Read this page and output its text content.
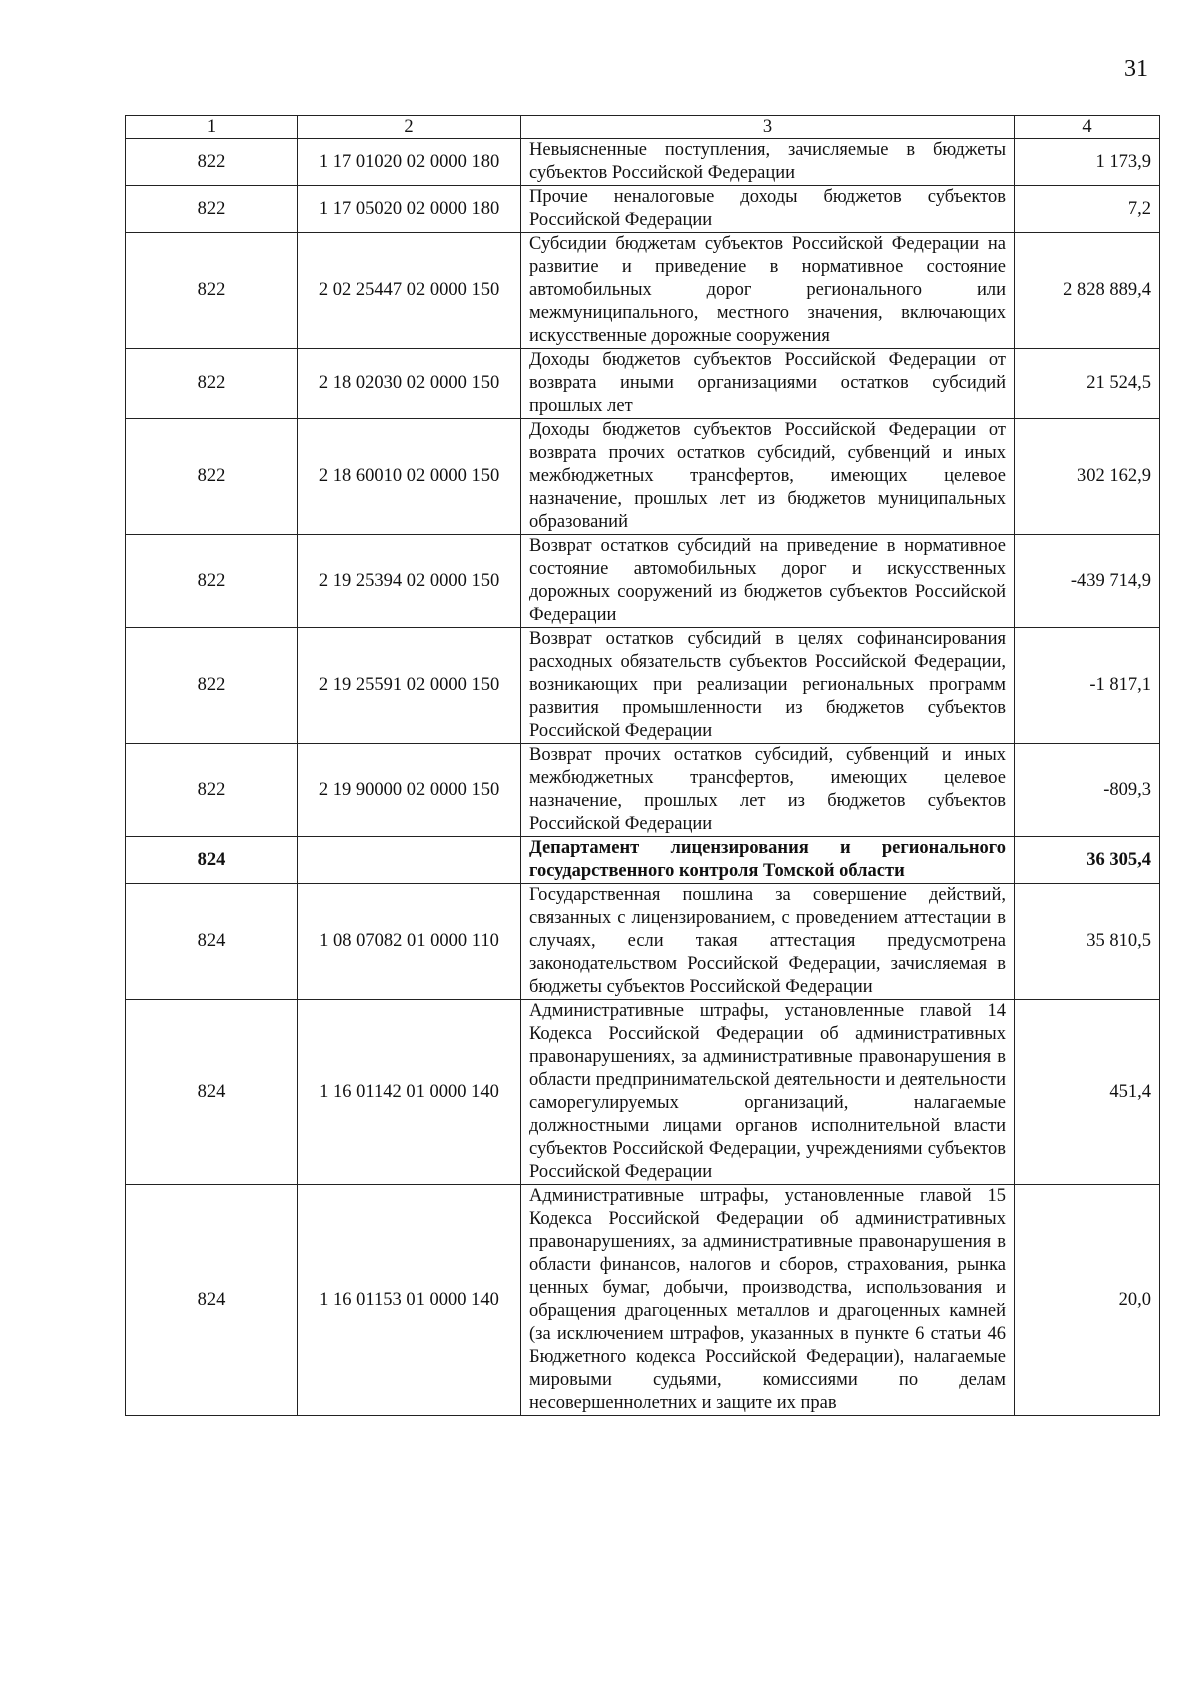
31
1	2	3	4
822	1 17 01020 02 0000 180	Невыясненные поступления, зачисляемые в бюджеты субъектов Российской Федерации	1 173,9
822	1 17 05020 02 0000 180	Прочие неналоговые доходы бюджетов субъектов Российской Федерации	7,2
822	2 02 25447 02 0000 150	Субсидии бюджетам субъектов Российской Федерации на развитие и приведение в нормативное состояние автомобильных дорог регионального или межмуниципального, местного значения, включающих искусственные дорожные сооружения	2 828 889,4
822	2 18 02030 02 0000 150	Доходы бюджетов субъектов Российской Федерации от возврата иными организациями остатков субсидий прошлых лет	21 524,5
822	2 18 60010 02 0000 150	Доходы бюджетов субъектов Российской Федерации от возврата прочих остатков субсидий, субвенций и иных межбюджетных трансфертов, имеющих целевое назначение, прошлых лет из бюджетов муниципальных образований	302 162,9
822	2 19 25394 02 0000 150	Возврат остатков субсидий на приведение в нормативное состояние автомобильных дорог и искусственных дорожных сооружений из бюджетов субъектов Российской Федерации	-439 714,9
822	2 19 25591 02 0000 150	Возврат остатков субсидий в целях софинансирования расходных обязательств субъектов Российской Федерации, возникающих при реализации региональных программ развития промышленности из бюджетов субъектов Российской Федерации	-1 817,1
822	2 19 90000 02 0000 150	Возврат прочих остатков субсидий, субвенций и иных межбюджетных трансфертов, имеющих целевое назначение, прошлых лет из бюджетов субъектов Российской Федерации	-809,3
824		Департамент лицензирования и регионального государственного контроля Томской области	36 305,4
824	1 08 07082 01 0000 110	Государственная пошлина за совершение действий, связанных с лицензированием, с проведением аттестации в случаях, если такая аттестация предусмотрена законодательством Российской Федерации, зачисляемая в бюджеты субъектов Российской Федерации	35 810,5
824	1 16 01142 01 0000 140	Административные штрафы, установленные главой 14 Кодекса Российской Федерации об административных правонарушениях, за административные правонарушения в области предпринимательской деятельности и деятельности саморегулируемых организаций, налагаемые должностными лицами органов исполнительной власти субъектов Российской Федерации, учреждениями субъектов Российской Федерации	451,4
824	1 16 01153 01 0000 140	Административные штрафы, установленные главой 15 Кодекса Российской Федерации об административных правонарушениях, за административные правонарушения в области финансов, налогов и сборов, страхования, рынка ценных бумаг, добычи, производства, использования и обращения драгоценных металлов и драгоценных камней (за исключением штрафов, указанных в пункте 6 статьи 46 Бюджетного кодекса Российской Федерации), налагаемые мировыми судьями, комиссиями по делам несовершеннолетних и защите их прав	20,0
